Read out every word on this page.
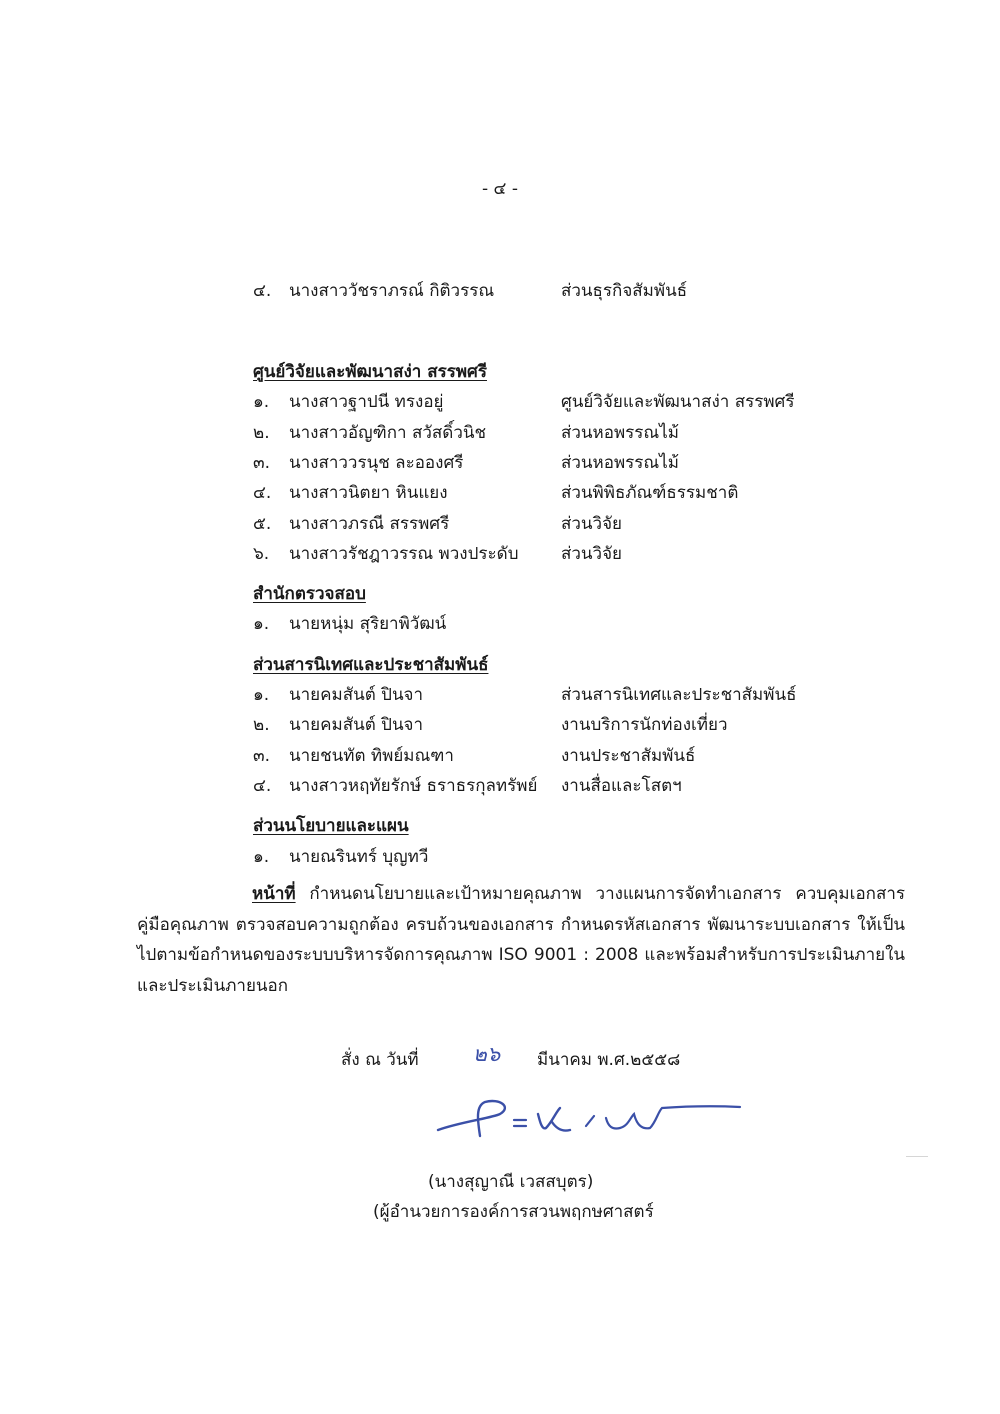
- ๔ -
๔. นางสาววัชราภรณ์ กิติวรรณ	ส่วนธุรกิจสัมพันธ์
ศูนย์วิจัยและพัฒนาสง่า สรรพศรี
๑. นางสาวฐาปนี ทรงอยู่	ศูนย์วิจัยและพัฒนาสง่า สรรพศรี
๒. นางสาวอัญฑิกา สวัสดิ์วนิช	ส่วนหอพรรณไม้
๓. นางสาววรนุช ละอองศรี	ส่วนหอพรรณไม้
๔. นางสาวนิตยา หินแยง	ส่วนพิพิธภัณฑ์ธรรมชาติ
๕. นางสาวภรณี สรรพศรี	ส่วนวิจัย
๖. นางสาวรัชฎาวรรณ พวงประดับ	ส่วนวิจัย
สำนักตรวจสอบ
๑. นายหนุ่ม สุริยาพิวัฒน์
ส่วนสารนิเทศและประชาสัมพันธ์
๑. นายคมสันต์ ปินจา	ส่วนสารนิเทศและประชาสัมพันธ์
๒. นายคมสันต์ ปินจา	งานบริการนักท่องเที่ยว
๓. นายชนทัต ทิพย์มณฑา	งานประชาสัมพันธ์
๔. นางสาวหฤทัยรักษ์ ธราธรกุลทรัพย์ งานสื่อและโสตฯ
ส่วนนโยบายและแผน
๑. นายณรินทร์ บุญทวี
หน้าที่ กำหนดนโยบายและเป้าหมายคุณภาพ วางแผนการจัดทำเอกสาร ควบคุมเอกสาร คู่มือคุณภาพ ตรวจสอบความถูกต้อง ครบถ้วนของเอกสาร กำหนดรหัสเอกสาร พัฒนาระบบเอกสาร ให้เป็นไปตามข้อกำหนดของระบบบริหารจัดการคุณภาพ ISO 9001 : 2008 และพร้อมสำหรับการประเมินภายในและประเมินภายนอก
สั่ง ณ วันที่	๒๖ มีนาคม พ.ศ.๒๕๕๘
(นางสุญาณี เวสสบุตร)
(ผู้อำนวยการองค์การสวนพฤกษศาสตร์
